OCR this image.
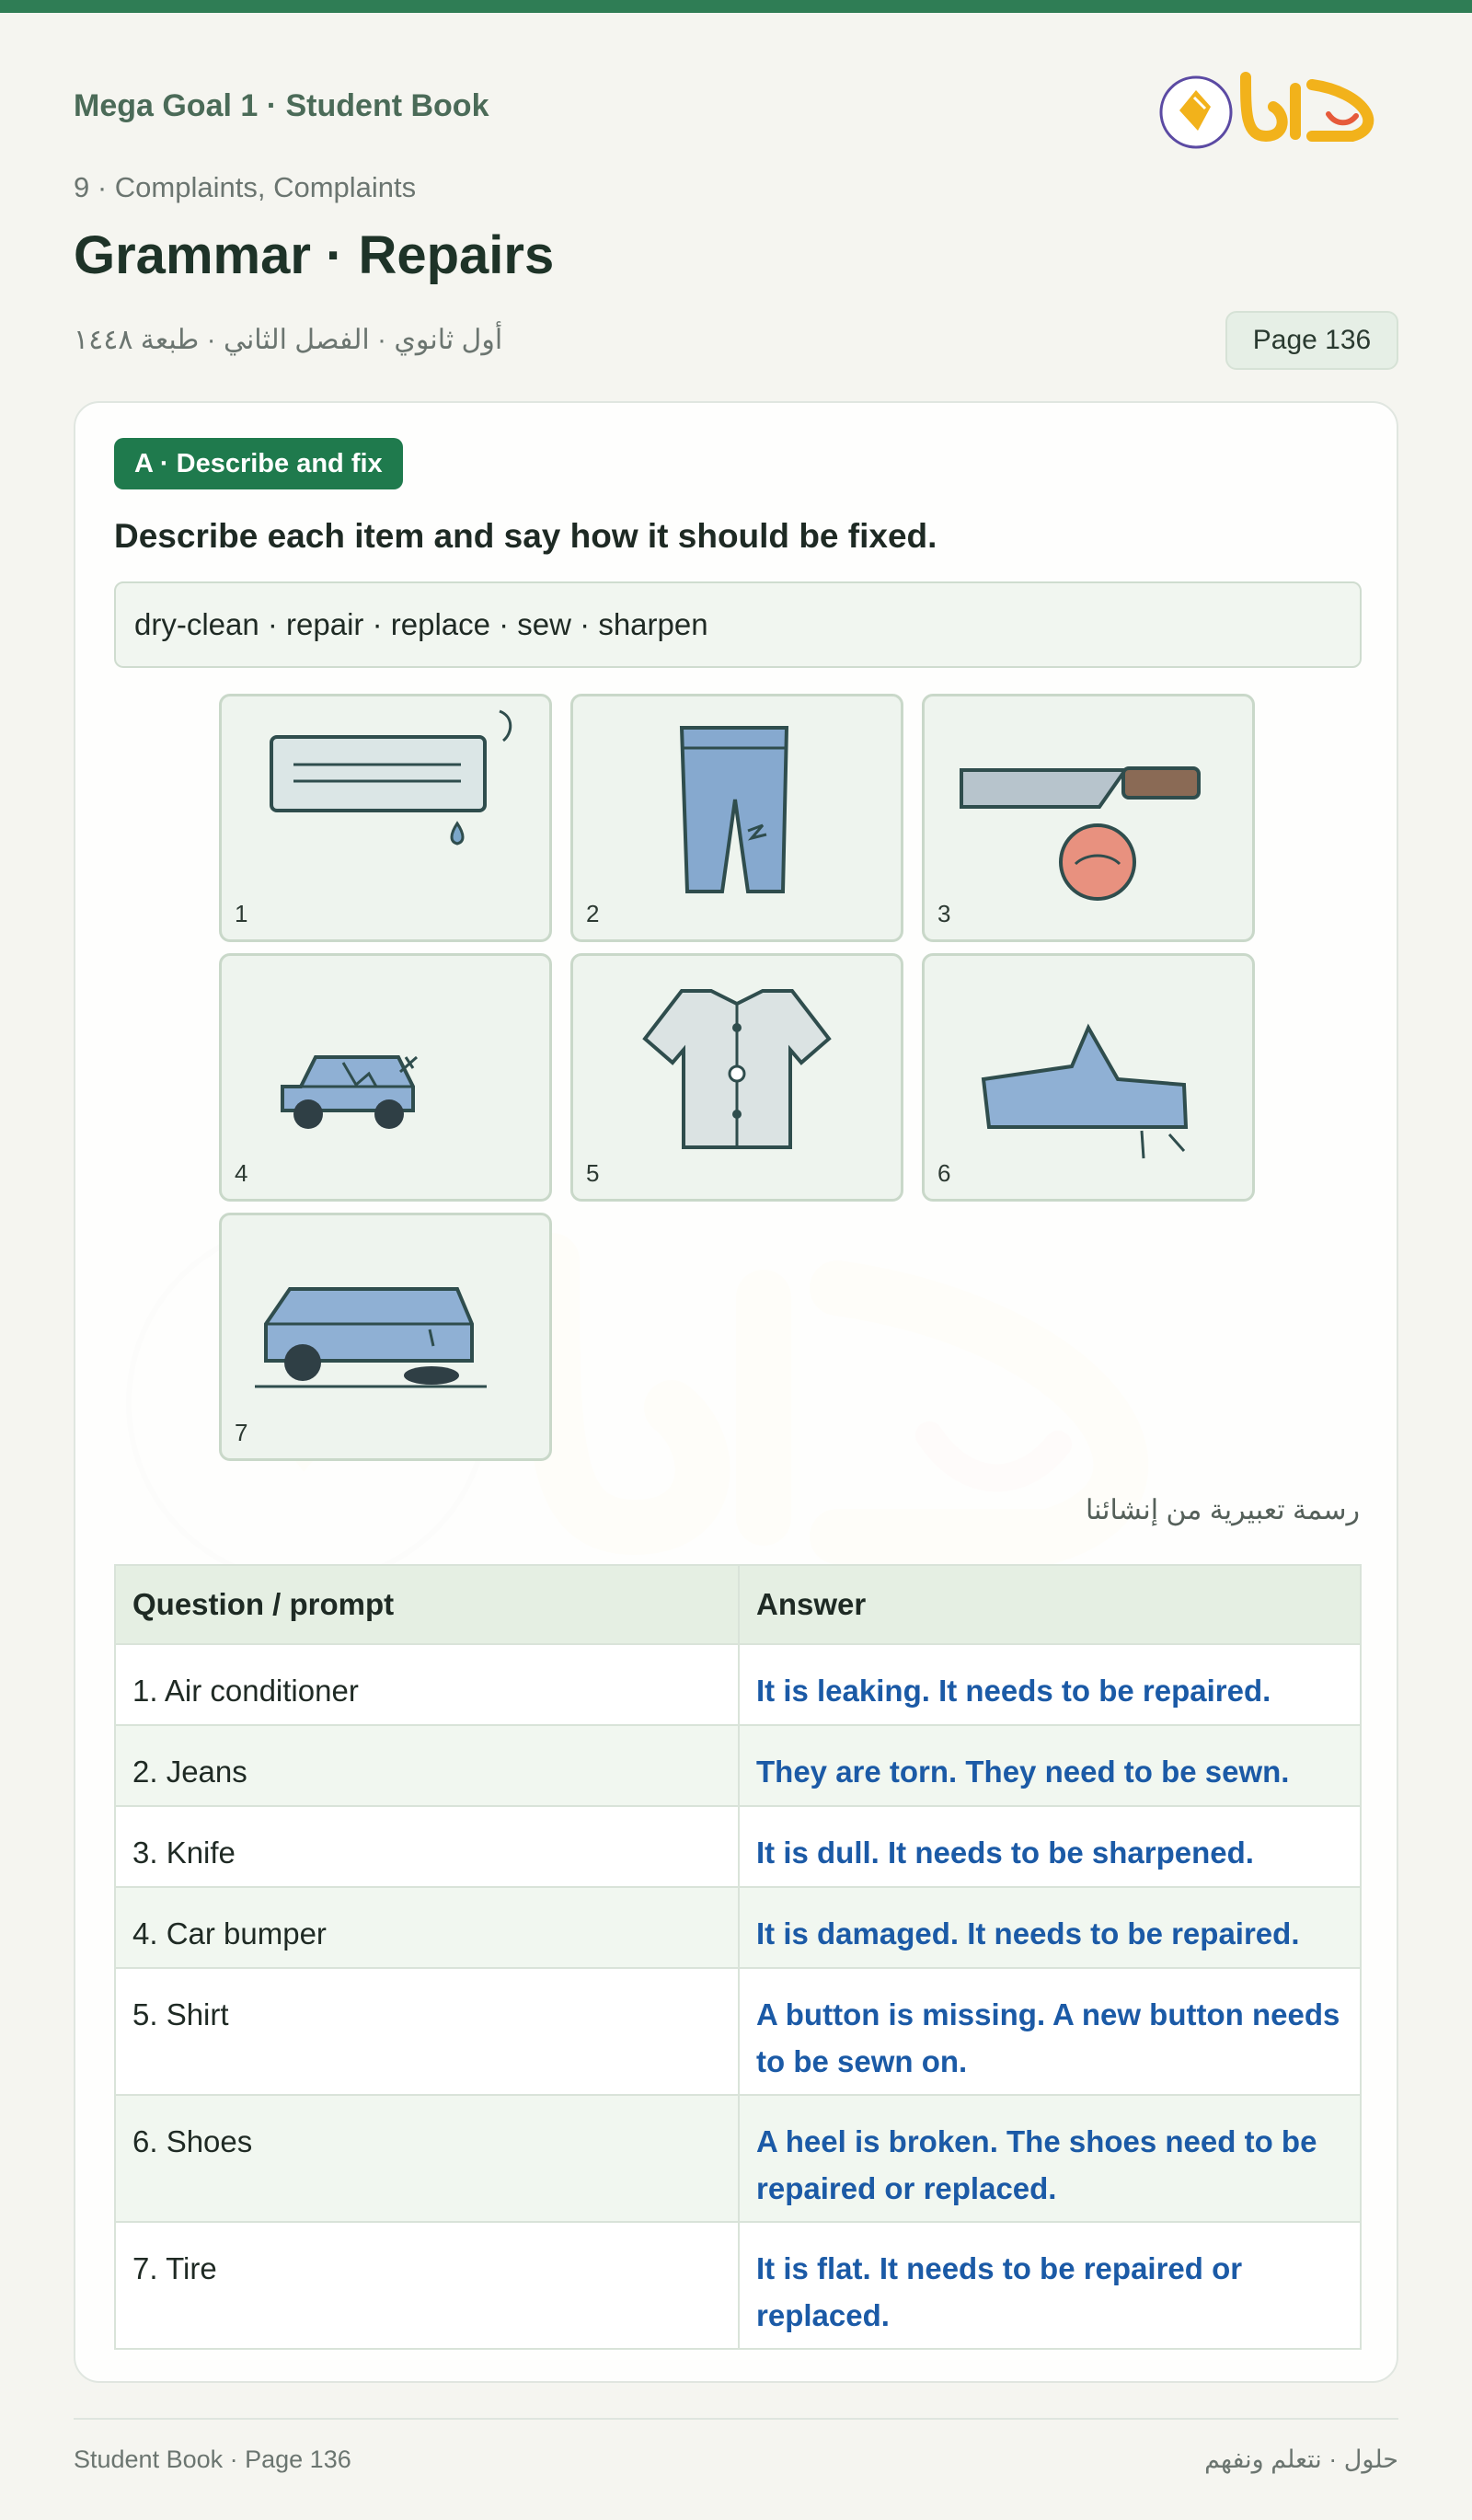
Mega Goal 1 · Student Book
9 · Complaints, Complaints
Grammar · Repairs
أول ثانوي · الفصل الثاني · طبعة ١٤٤٨	Page 136
A · Describe and fix
Describe each item and say how it should be fixed.
dry-clean · repair · replace · sew · sharpen
1	2	3
4	5	6
7
رسمة تعبيرية من إنشائنا
Question / prompt	Answer
1. Air conditioner	It is leaking. It needs to be repaired.
2. Jeans	They are torn. They need to be sewn.
3. Knife	It is dull. It needs to be sharpened.
4. Car bumper	It is damaged. It needs to be repaired.
5. Shirt	A button is missing. A new button needs to be sewn on.
6. Shoes	A heel is broken. The shoes need to be repaired or replaced.
7. Tire	It is flat. It needs to be repaired or replaced.
Student Book · Page 136	حلول · نتعلم ونفهم
